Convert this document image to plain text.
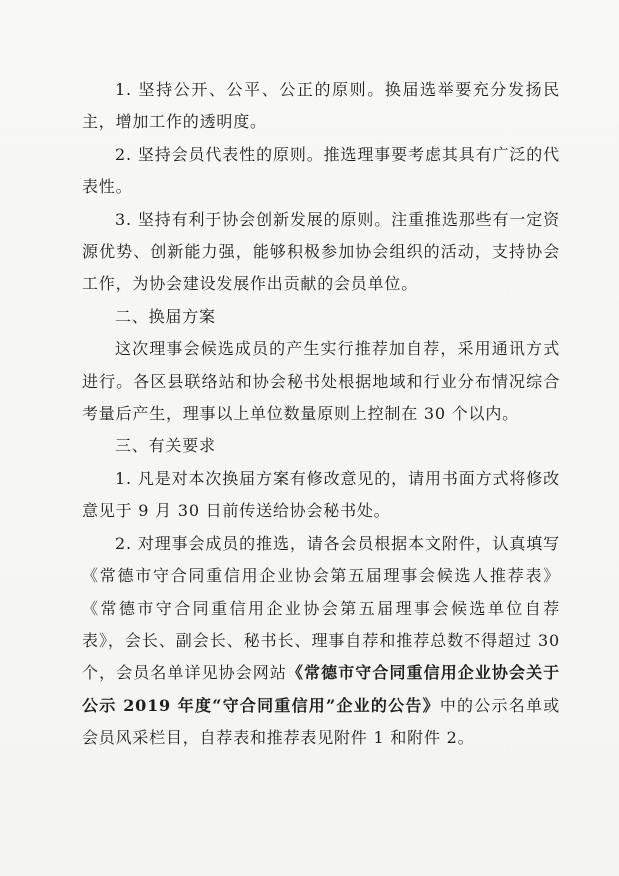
1. 坚持公开、公平、公正的原则。换届选举要充分发扬民主，增加工作的透明度。

2. 坚持会员代表性的原则。推选理事要考虑其具有广泛的代表性。

3. 坚持有利于协会创新发展的原则。注重推选那些有一定资源优势、创新能力强，能够积极参加协会组织的活动，支持协会工作，为协会建设发展作出贡献的会员单位。

二、换届方案

这次理事会候选成员的产生实行推荐加自荐，采用通讯方式进行。各区县联络站和协会秘书处根据地域和行业分布情况综合考量后产生，理事以上单位数量原则上控制在 30 个以内。

三、有关要求

1. 凡是对本次换届方案有修改意见的，请用书面方式将修改意见于 9 月 30 日前传送给协会秘书处。

2. 对理事会成员的推选，请各会员根据本文附件，认真填写《常德市守合同重信用企业协会第五届理事会候选人推荐表》《常德市守合同重信用企业协会第五届理事会候选单位自荐表》，会长、副会长、秘书长、理事自荐和推荐总数不得超过 30 个，会员名单详见协会网站《常德市守合同重信用企业协会关于公示 2019 年度“守合同重信用”企业的公告》中的公示名单或会员风采栏目，自荐表和推荐表见附件 1 和附件 2。
